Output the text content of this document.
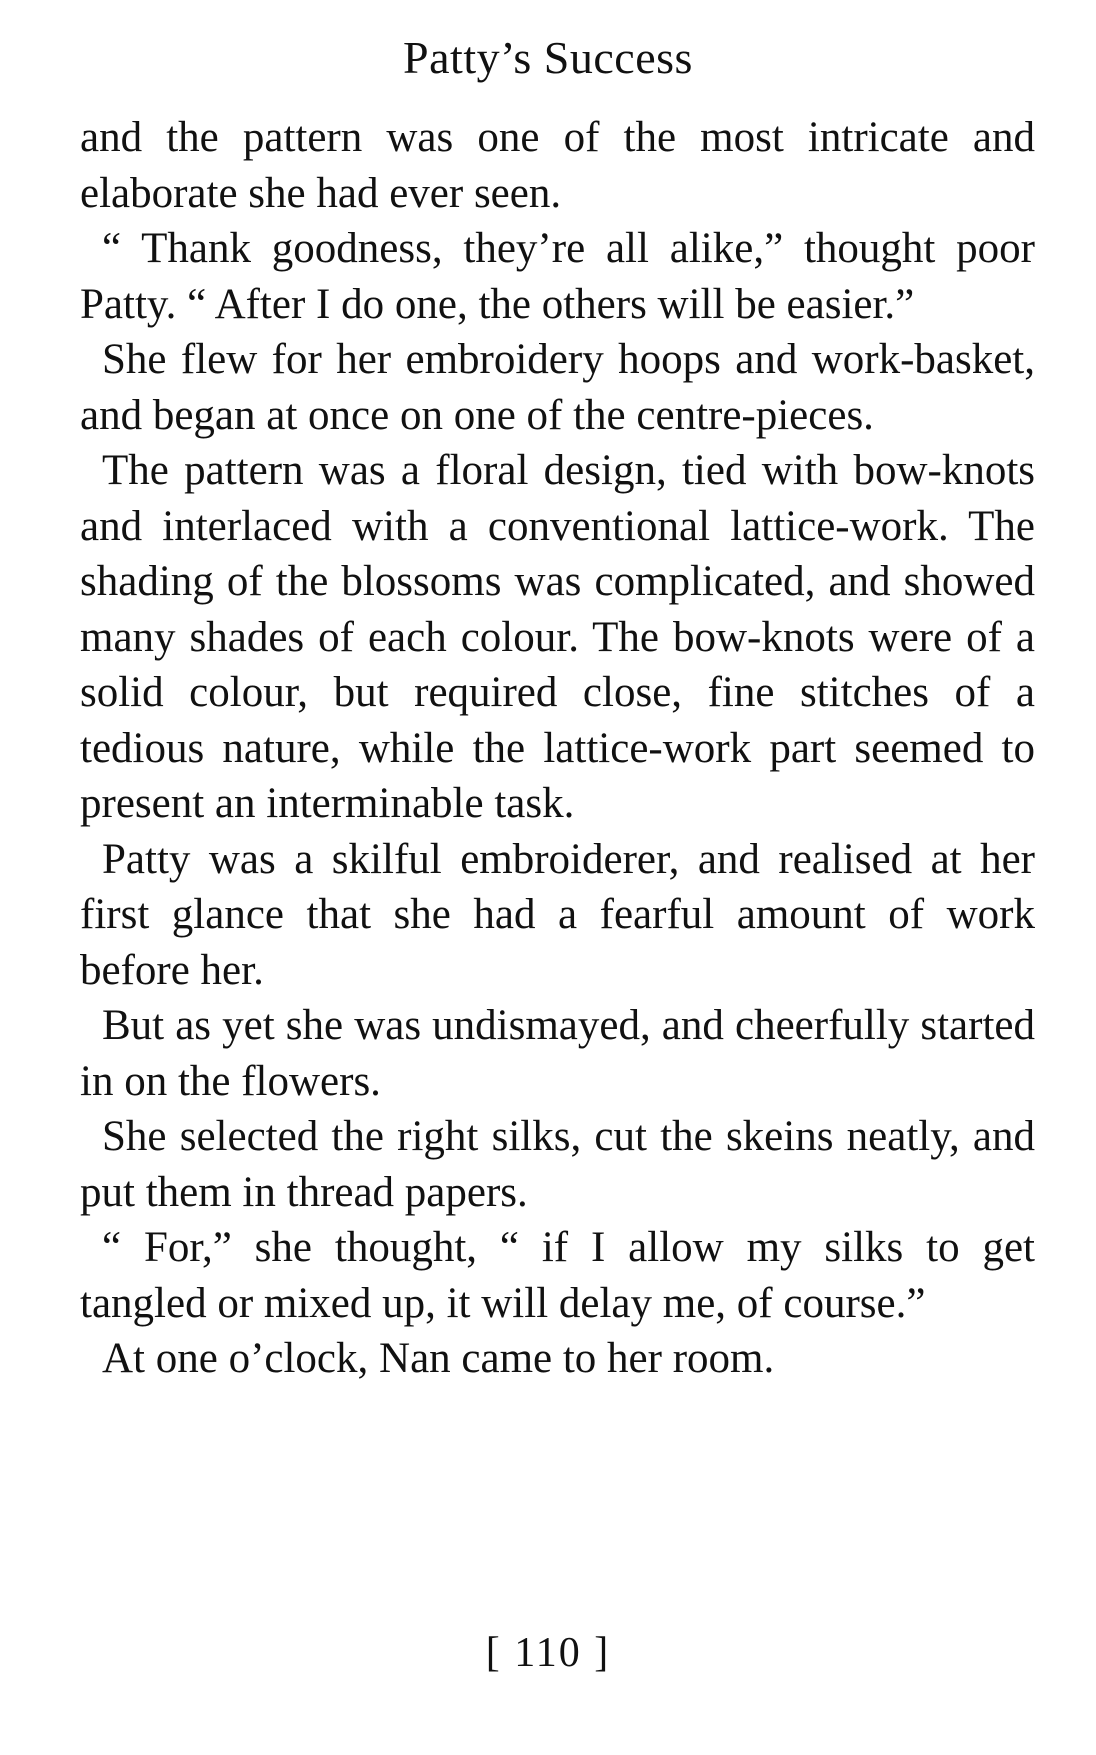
Patty’s Success

and the pattern was one of the most intricate and elaborate she had ever seen.

“ Thank goodness, they’re all alike,” thought poor Patty. “ After I do one, the others will be easier.”

She flew for her embroidery hoops and work-basket, and began at once on one of the centre-pieces.

The pattern was a floral design, tied with bow-knots and interlaced with a conventional lattice-work. The shading of the blossoms was complicated, and showed many shades of each colour. The bow-knots were of a solid colour, but required close, fine stitches of a tedious nature, while the lattice-work part seemed to present an interminable task.

Patty was a skilful embroiderer, and realised at her first glance that she had a fearful amount of work before her.

But as yet she was undismayed, and cheerfully started in on the flowers.

She selected the right silks, cut the skeins neatly, and put them in thread papers.

“ For,” she thought, “ if I allow my silks to get tangled or mixed up, it will delay me, of course.”

At one o’clock, Nan came to her room.

[ 110 ]
